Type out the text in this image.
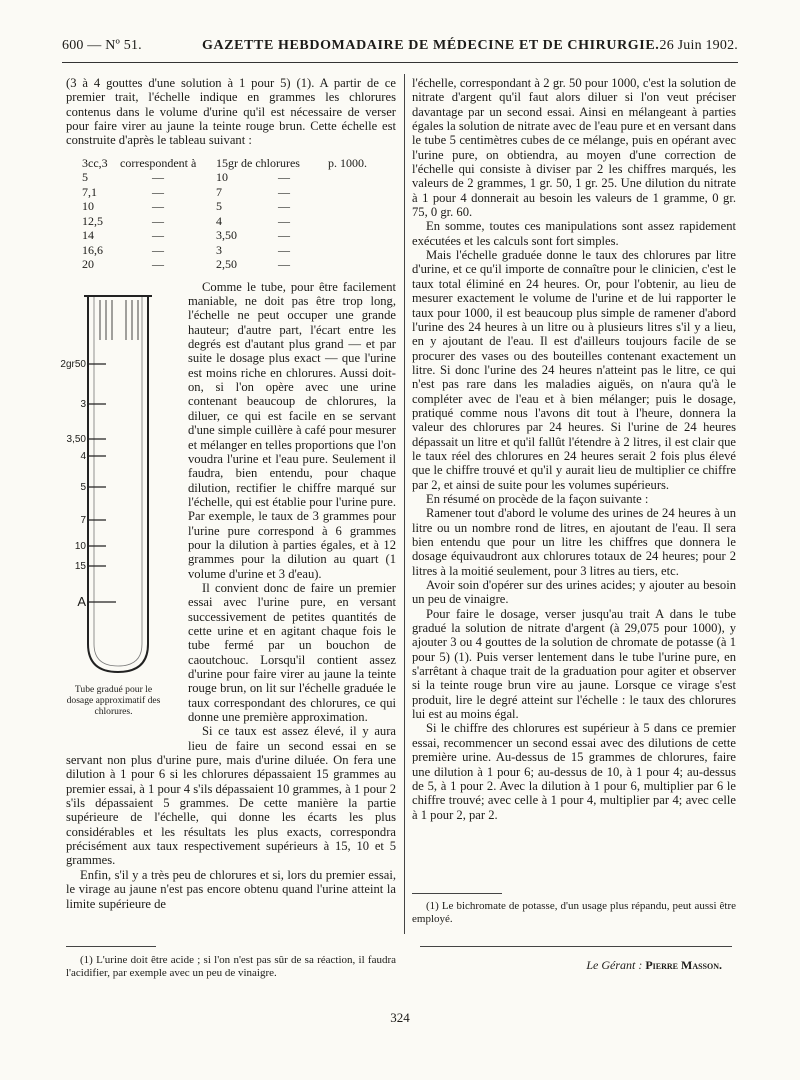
600 — Nº 51.	GAZETTE HEBDOMADAIRE DE MÉDECINE ET DE CHIRURGIE. 26 Juin 1902.

(3 à 4 gouttes d'une solution à 1 pour 5) (1). A partir de ce premier trait, l'échelle indique en grammes les chlorures contenus dans le volume d'urine qu'il est nécessaire de verser pour faire virer au jaune la teinte rouge brun. Cette échelle est construite d'après le tableau suivant :

3cc,3 correspondent à 15gr de chlorures p. 1000.
5	—	10	—
7,1	—	7	—
10	—	5	—
12,5	—	4	—
14	—	3,50	—
16,6	—	3	—
20	—	2,50	—
2gr50
3
3,50
4
5
7
10
15
A
Tube gradué pour le dosage approximatif des chlorures.

Comme le tube, pour être facilement maniable, ne doit pas être trop long, l'échelle ne peut occuper une grande hauteur; d'autre part, l'écart entre les degrés est d'autant plus grand — et par suite le dosage plus exact — que l'urine est moins riche en chlorures. Aussi doit-on, si l'on opère avec une urine contenant beaucoup de chlorures, la diluer, ce qui est facile en se servant d'une simple cuillère à café pour mesurer et mélanger en telles proportions que l'on voudra l'urine et l'eau pure. Seulement il faudra, bien entendu, pour chaque dilution, rectifier le chiffre marqué sur l'échelle, qui est établie pour l'urine pure. Par exemple, le taux de 3 grammes pour l'urine pure correspond à 6 grammes pour la dilution à parties égales, et à 12 grammes pour la dilution au quart (1 volume d'urine et 3 d'eau).

Il convient donc de faire un premier essai avec l'urine pure, en versant successivement de petites quantités de cette urine et en agitant chaque fois le tube fermé par un bouchon de caoutchouc. Lorsqu'il contient assez d'urine pour faire virer au jaune la teinte rouge brun, on lit sur l'échelle graduée le taux correspondant des chlorures, ce qui donne une première approximation.

Si ce taux est assez élevé, il y aura lieu de faire un second essai en se servant non plus d'urine pure, mais d'urine diluée. On fera une dilution à 1 pour 6 si les chlorures dépassaient 15 grammes au premier essai, à 1 pour 4 s'ils dépassaient 10 grammes, à 1 pour 2 s'ils dépassaient 5 grammes. De cette manière la partie supérieure de l'échelle, qui donne les écarts les plus considérables et les résultats les plus exacts, correspondra précisément aux taux respectivement supérieurs à 15, 10 et 5 grammes.

Enfin, s'il y a très peu de chlorures et si, lors du premier essai, le virage au jaune n'est pas encore obtenu quand l'urine atteint la limite supérieure de

(1) L'urine doit être acide ; si l'on n'est pas sûr de sa réaction, il faudra l'acidifier, par exemple avec un peu de vinaigre.

l'échelle, correspondant à 2 gr. 50 pour 1000, c'est la solution de nitrate d'argent qu'il faut alors diluer si l'on veut préciser davantage par un second essai. Ainsi en mélangeant à parties égales la solution de nitrate avec de l'eau pure et en versant dans le tube 5 centimètres cubes de ce mélange, puis en opérant avec l'urine pure, on obtiendra, au moyen d'une correction de l'échelle qui consiste à diviser par 2 les chiffres marqués, les valeurs de 2 grammes, 1 gr. 50, 1 gr. 25. Une dilution du nitrate à 1 pour 4 donnerait au besoin les valeurs de 1 gramme, 0 gr. 75, 0 gr. 60.

En somme, toutes ces manipulations sont assez rapidement exécutées et les calculs sont fort simples.

Mais l'échelle graduée donne le taux des chlorures par litre d'urine, et ce qu'il importe de connaître pour le clinicien, c'est le taux total éliminé en 24 heures. Or, pour l'obtenir, au lieu de mesurer exactement le volume de l'urine et de lui rapporter le taux pour 1000, il est beaucoup plus simple de ramener d'abord l'urine des 24 heures à un litre ou à plusieurs litres s'il y a lieu, en y ajoutant de l'eau. Il est d'ailleurs toujours facile de se procurer des vases ou des bouteilles contenant exactement un litre. Si donc l'urine des 24 heures n'atteint pas le litre, ce qui n'est pas rare dans les maladies aiguës, on n'aura qu'à le compléter avec de l'eau et à bien mélanger; puis le dosage, pratiqué comme nous l'avons dit tout à l'heure, donnera la valeur des chlorures par 24 heures. Si l'urine de 24 heures dépassait un litre et qu'il fallût l'étendre à 2 litres, il est clair que le taux réel des chlorures en 24 heures serait 2 fois plus élevé que le chiffre trouvé et qu'il y aurait lieu de multiplier ce chiffre par 2, et ainsi de suite pour les volumes supérieurs.

En résumé on procède de la façon suivante :

Ramener tout d'abord le volume des urines de 24 heures à un litre ou un nombre rond de litres, en ajoutant de l'eau. Il sera bien entendu que pour un litre les chiffres que donnera le dosage équivaudront aux chlorures totaux de 24 heures; pour 2 litres à la moitié seulement, pour 3 litres au tiers, etc.

Avoir soin d'opérer sur des urines acides; y ajouter au besoin un peu de vinaigre.

Pour faire le dosage, verser jusqu'au trait A dans le tube gradué la solution de nitrate d'argent (à 29,075 pour 1000), y ajouter 3 ou 4 gouttes de la solution de chromate de potasse (à 1 pour 5) (1). Puis verser lentement dans le tube l'urine pure, en s'arrêtant à chaque trait de la graduation pour agiter et observer si la teinte rouge brun vire au jaune. Lorsque ce virage s'est produit, lire le degré atteint sur l'échelle : le taux des chlorures lui est au moins égal.

Si le chiffre des chlorures est supérieur à 5 dans ce premier essai, recommencer un second essai avec des dilutions de cette première urine. Au-dessus de 15 grammes de chlorures, faire une dilution à 1 pour 6; au-dessus de 10, à 1 pour 4; au-dessus de 5, à 1 pour 2. Avec la dilution à 1 pour 6, multiplier par 6 le chiffre trouvé; avec celle à 1 pour 4, multiplier par 4; avec celle à 1 pour 2, par 2.

(1) Le bichromate de potasse, d'un usage plus répandu, peut aussi être employé.
Le Gérant : Pierre Masson.
324
